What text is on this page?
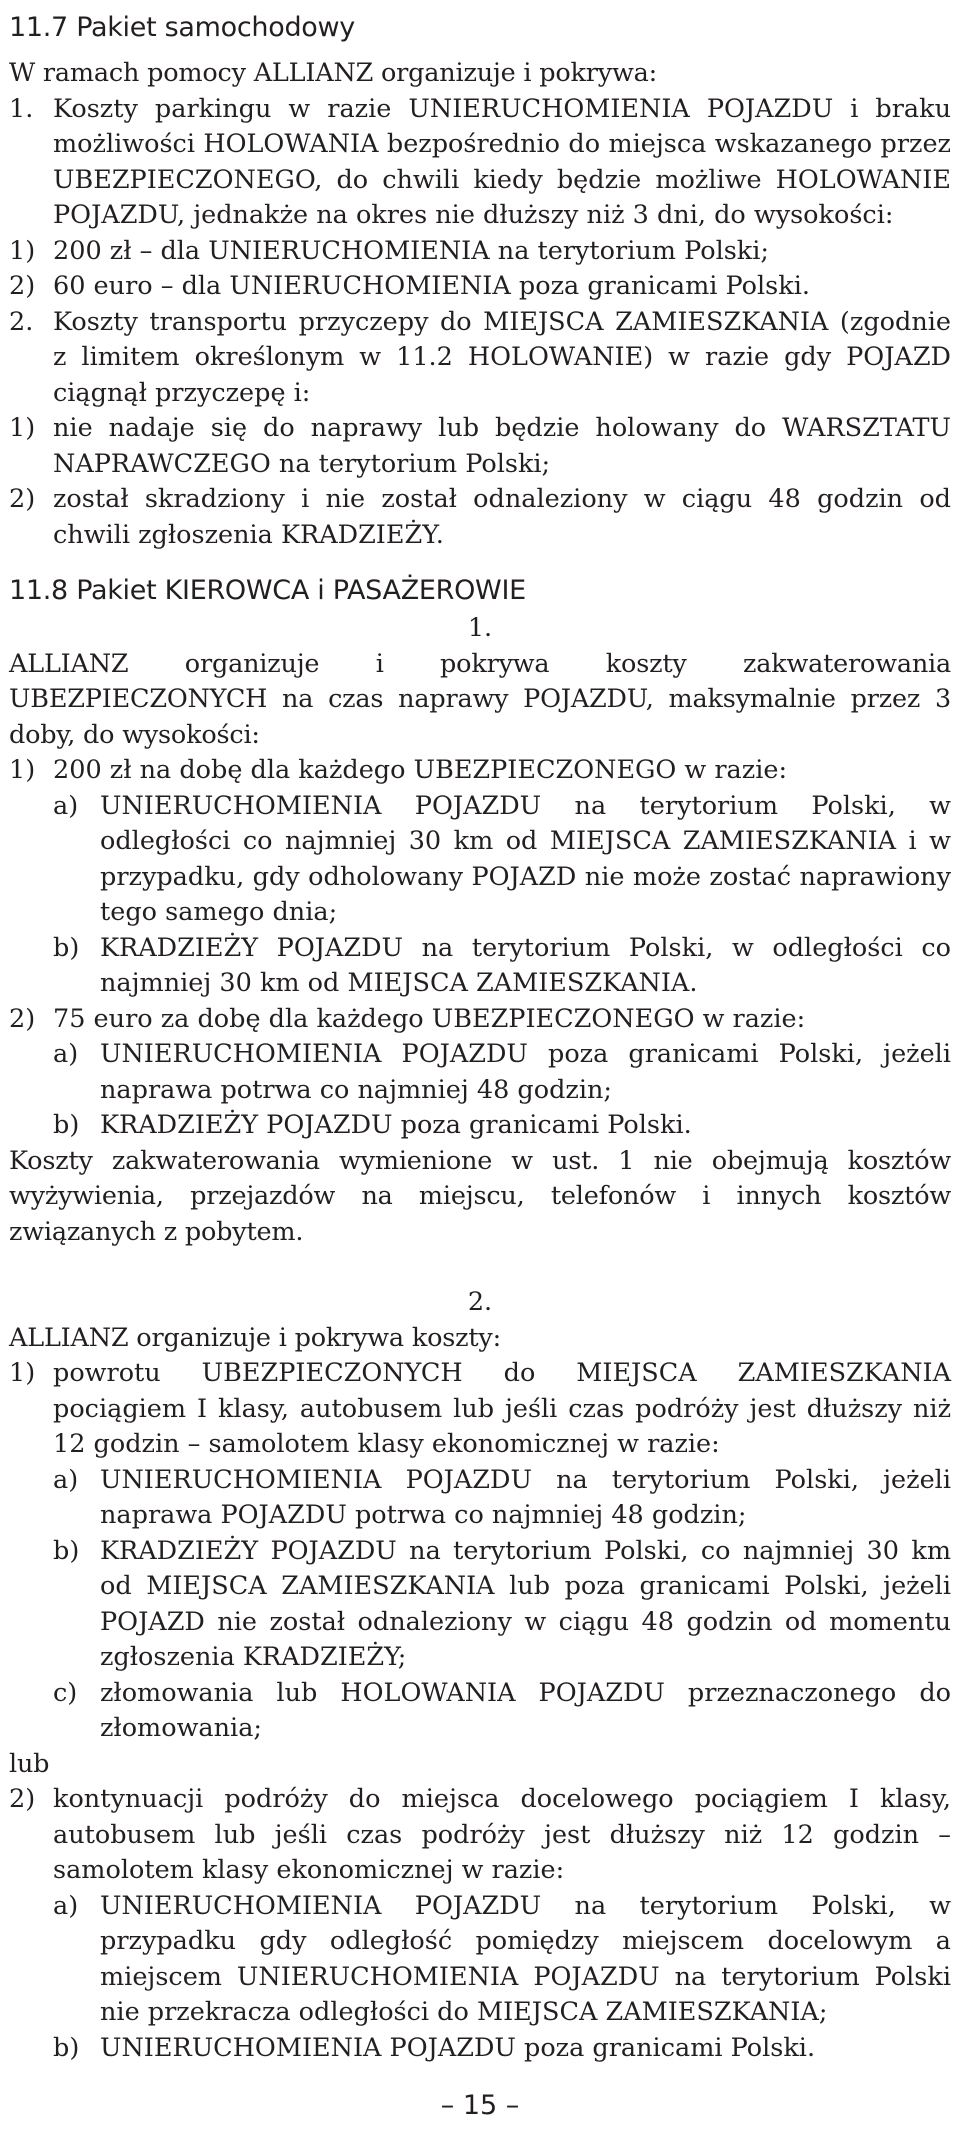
11.7 Pakiet samochodowy

W ramach pomocy ALLIANZ organizuje i pokrywa:

1. Koszty parkingu w razie UNIERUCHOMIENIA POJAZDU i braku możliwości HOLOWANIA bezpośrednio do miejsca wskazanego przez UBEZPIECZONEGO, do chwili kiedy będzie możliwe HOLOWANIE POJAZDU, jednakże na okres nie dłuższy niż 3 dni, do wysokości:
1) 200 zł – dla UNIERUCHOMIENIA na terytorium Polski;
2) 60 euro – dla UNIERUCHOMIENIA poza granicami Polski.
2. Koszty transportu przyczepy do MIEJSCA ZAMIESZKANIA (zgodnie z limitem określonym w 11.2 HOLOWANIE) w razie gdy POJAZD ciągnął przyczepę i:
1) nie nadaje się do naprawy lub będzie holowany do WARSZTATU NAPRAWCZEGO na terytorium Polski;
2) został skradziony i nie został odnaleziony w ciągu 48 godzin od chwili zgłoszenia KRADZIEŻY.
11.8 Pakiet KIEROWCA i PASAŻEROWIE

1.

ALLIANZ organizuje i pokrywa koszty zakwaterowania UBEZPIECZONYCH na czas naprawy POJAZDU, maksymalnie przez 3 doby, do wysokości:

1) 200 zł na dobę dla każdego UBEZPIECZONEGO w razie:
a) UNIERUCHOMIENIA POJAZDU na terytorium Polski, w odległości co najmniej 30 km od MIEJSCA ZAMIESZKANIA i w przypadku, gdy odholowany POJAZD nie może zostać naprawiony tego samego dnia;
b) KRADZIEŻY POJAZDU na terytorium Polski, w odległości co najmniej 30 km od MIEJSCA ZAMIESZKANIA.
2) 75 euro za dobę dla każdego UBEZPIECZONEGO w razie:
a) UNIERUCHOMIENIA POJAZDU poza granicami Polski, jeżeli naprawa potrwa co najmniej 48 godzin;
b) KRADZIEŻY POJAZDU poza granicami Polski.

Koszty zakwaterowania wymienione w ust. 1 nie obejmują kosztów wyżywienia, przejazdów na miejscu, telefonów i innych kosztów związanych z pobytem.

2.

ALLIANZ organizuje i pokrywa koszty:

1) powrotu UBEZPIECZONYCH do MIEJSCA ZAMIESZKANIA pociągiem I klasy, autobusem lub jeśli czas podróży jest dłuższy niż 12 godzin – samolotem klasy ekonomicznej w razie:
a) UNIERUCHOMIENIA POJAZDU na terytorium Polski, jeżeli naprawa POJAZDU potrwa co najmniej 48 godzin;
b) KRADZIEŻY POJAZDU na terytorium Polski, co najmniej 30 km od MIEJSCA ZAMIESZKANIA lub poza granicami Polski, jeżeli POJAZD nie został odnaleziony w ciągu 48 godzin od momentu zgłoszenia KRADZIEŻY;
c) złomowania lub HOLOWANIA POJAZDU przeznaczonego do złomowania;

lub

2) kontynuacji podróży do miejsca docelowego pociągiem I klasy, autobusem lub jeśli czas podróży jest dłuższy niż 12 godzin – samolotem klasy ekonomicznej w razie:
a) UNIERUCHOMIENIA POJAZDU na terytorium Polski, w przypadku gdy odległość pomiędzy miejscem docelowym a miejscem UNIERUCHOMIENIA POJAZDU na terytorium Polski nie przekracza odległości do MIEJSCA ZAMIESZKANIA;
b) UNIERUCHOMIENIA POJAZDU poza granicami Polski.
– 15 –
